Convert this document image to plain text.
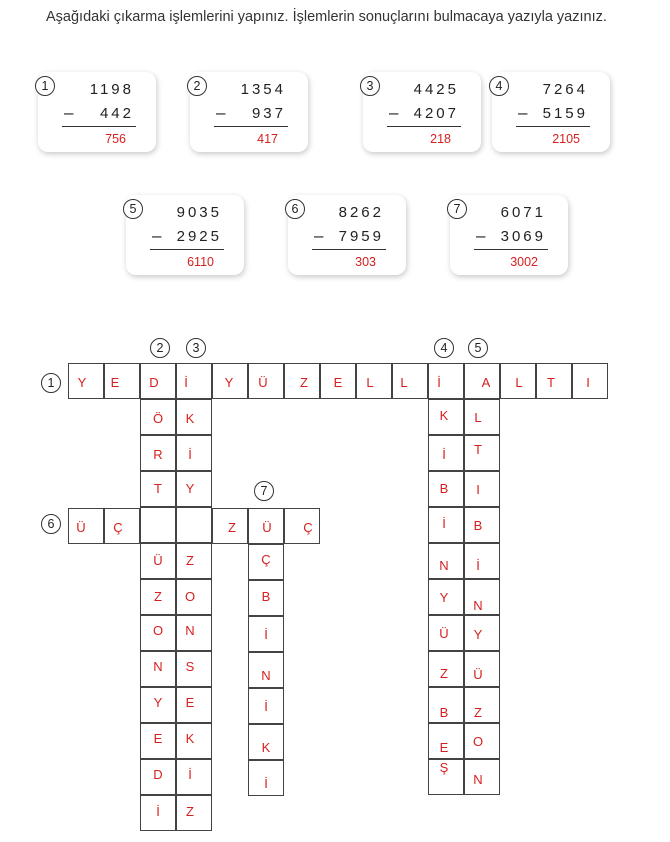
Aşağıdaki çıkarma işlemlerini yapınız. İşlemlerin sonuçlarını bulmacaya yazıyla yazınız.
1	1198
– 442
756
2	1354
– 937
417
3	4425
– 4207
218
4	7264
– 5159
2105
5	9035
– 2925
6110
6	8262
– 7959
303
7	6071
– 3069
3002
Y	E	D	İ	Y	Ü	Z	E	L	L	İ	A	L	T	I
Ü	Ç	Z	Ü	Ç
Ö
R
T
Ü
Z
O
N
Y
E
D
İ
K
İ
Y
Z
O
N
S
E
K
İ
Z
K
İ
B
İ
N
Y
Ü
Z
B
E
Ş
L
T
I
B
İ
N
Y
Ü
Z
O
N
Ç
B
İ
N
İ
K
İ
1
2	3	4	5
6
7
